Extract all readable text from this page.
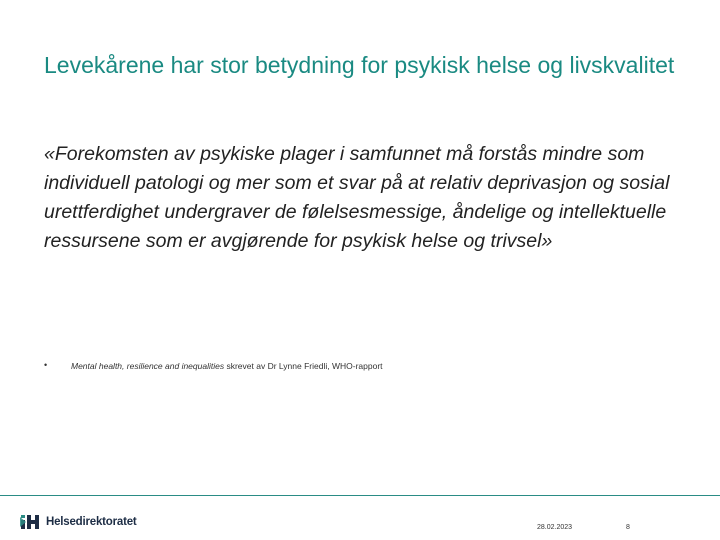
Levekårene har stor betydning for psykisk helse og livskvalitet
«Forekomsten av psykiske plager i samfunnet må forstås mindre som individuell patologi og mer som et svar på at relativ deprivasjon og sosial urettferdighet undergraver de følelsesmessige, åndelige og intellektuelle ressursene som er avgjørende for psykisk helse og trivsel»
•	Mental health, resilience and inequalities skrevet av Dr Lynne Friedli, WHO-rapport
Helsedirektoratet	28.02.2023	8
